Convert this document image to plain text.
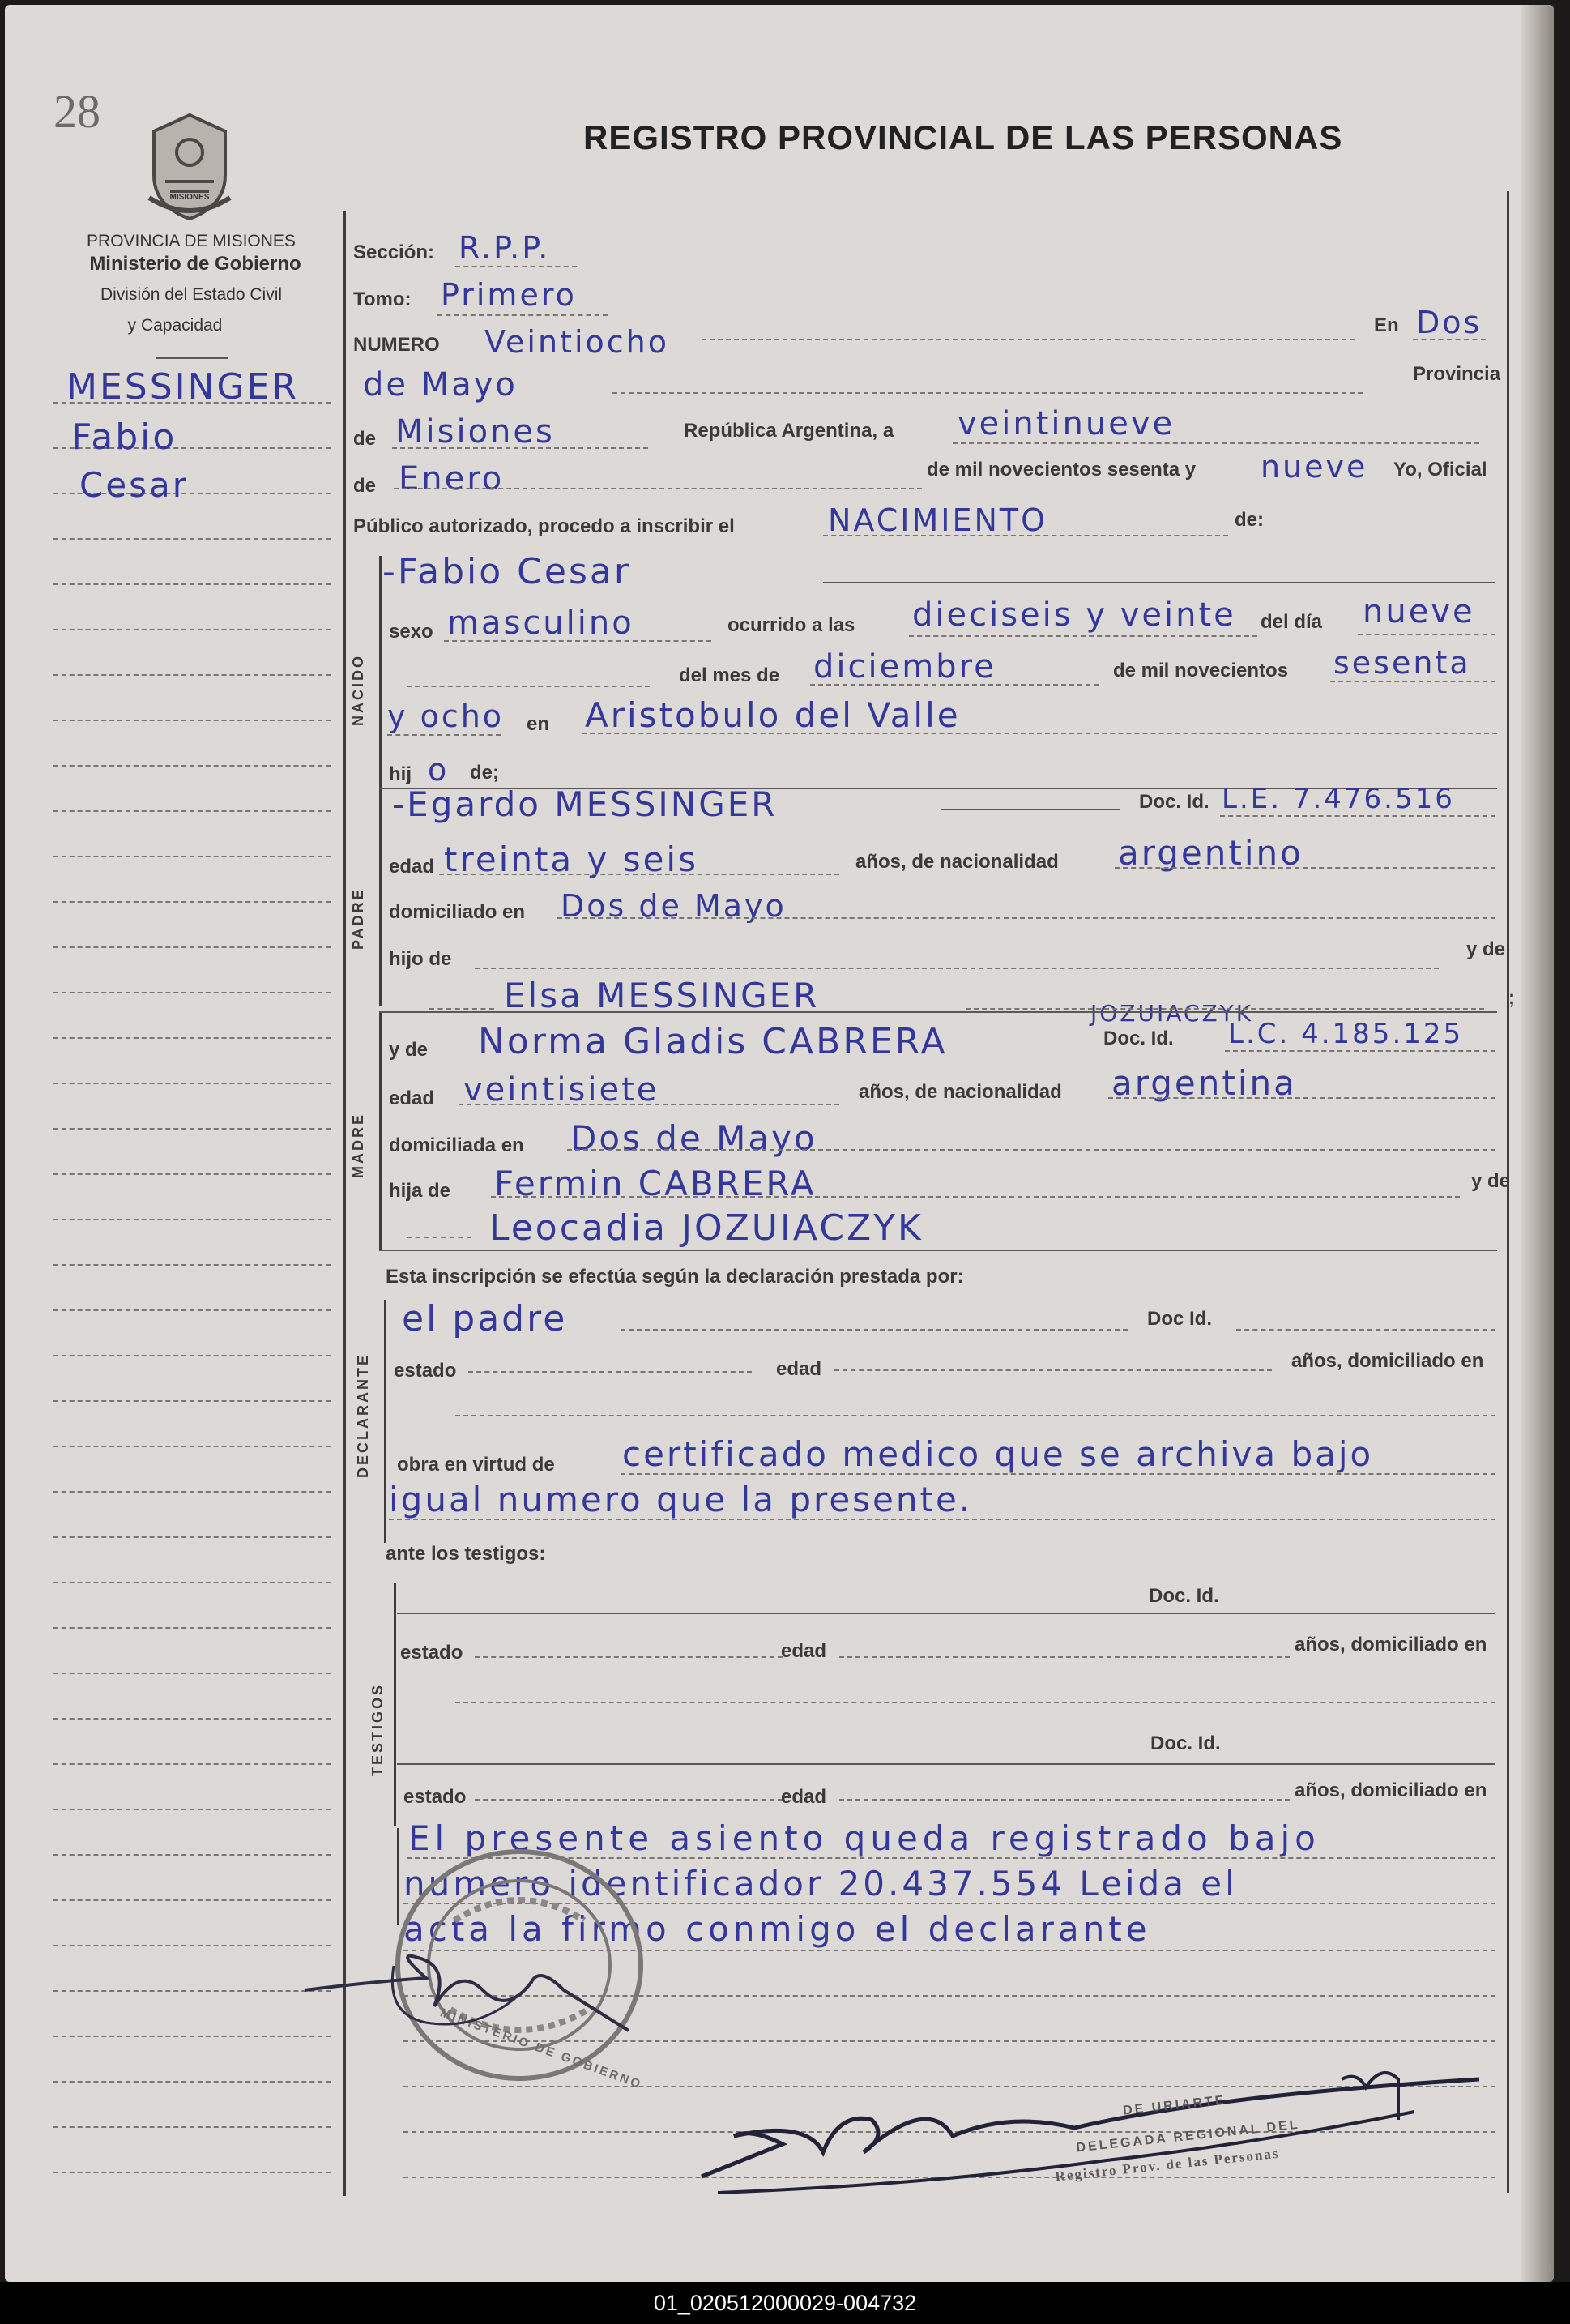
28	REGISTRO PROVINCIAL DE LAS PERSONAS
MISIONES
PROVINCIA DE MISIONES
Ministerio de Gobierno
División del Estado Civil
y Capacidad
MESSINGER
Fabio
Cesar
Sección: R.P.P.
Tomo: Primero
NUMERO Veintiocho	En Dos
de Mayo	Provincia
de Misiones	República Argentina, a veintinueve
de Enero	de mil novecientos sesenta y nueve Yo, Oficial
Público autorizado, procedo a inscribir el	NACIMIENTO	de:
NACIDO
-Fabio Cesar
sexo masculino	ocurrido a las dieciseis y veinte del día nueve
del mes de diciembre	de mil novecientos sesenta
y ocho en Aristobulo del Valle
hij o de;
PADRE
-Egardo MESSINGER	Doc. Id. L.E. 7.476.516
edad treinta y seis	años, de nacionalidad argentino
domiciliado en Dos de Mayo
hijo de	y de
Elsa MESSINGER	JOZUIACZYK
;
MADRE
y de Norma Gladis CABRERA	Doc. Id. L.C. 4.185.125
edad veintisiete	años, de nacionalidad argentina
domiciliada en Dos de Mayo
hija de Fermin CABRERA	y de
Leocadia JOZUIACZYK
Esta inscripción se efectúa según la declaración prestada por:
DECLARANTE
el padre	Doc Id.
estado	edad	años, domiciliado en
obra en virtud de certificado medico que se archiva bajo
igual numero que la presente.
ante los testigos:
TESTIGOS
Doc. Id.
estado	edad	años, domiciliado en
Doc. Id.
estado	edad	años, domiciliado en
El presente asiento queda registrado bajo
numero identificador 20.437.554 Leida el
acta la firmo conmigo el declarante
MINISTERIO DE GOBIERNO
DE URIARTE
DELEGADA REGIONAL DEL
Registro Prov. de las Personas
01_020512000029-004732
